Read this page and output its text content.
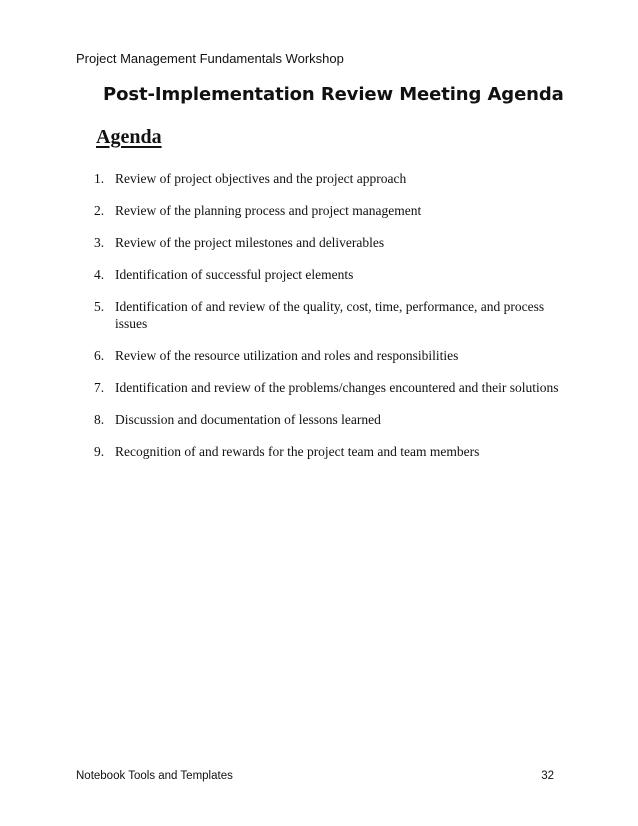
Project Management Fundamentals Workshop
Post-Implementation Review Meeting Agenda
Agenda
1. Review of project objectives and the project approach
2. Review of the planning process and project management
3. Review of the project milestones and deliverables
4. Identification of successful project elements
5. Identification of and review of the quality, cost, time, performance, and process issues
6. Review of the resource utilization and roles and responsibilities
7. Identification and review of the problems/changes encountered and their solutions
8. Discussion and documentation of lessons learned
9. Recognition of and rewards for the project team and team members
Notebook Tools and Templates	32
